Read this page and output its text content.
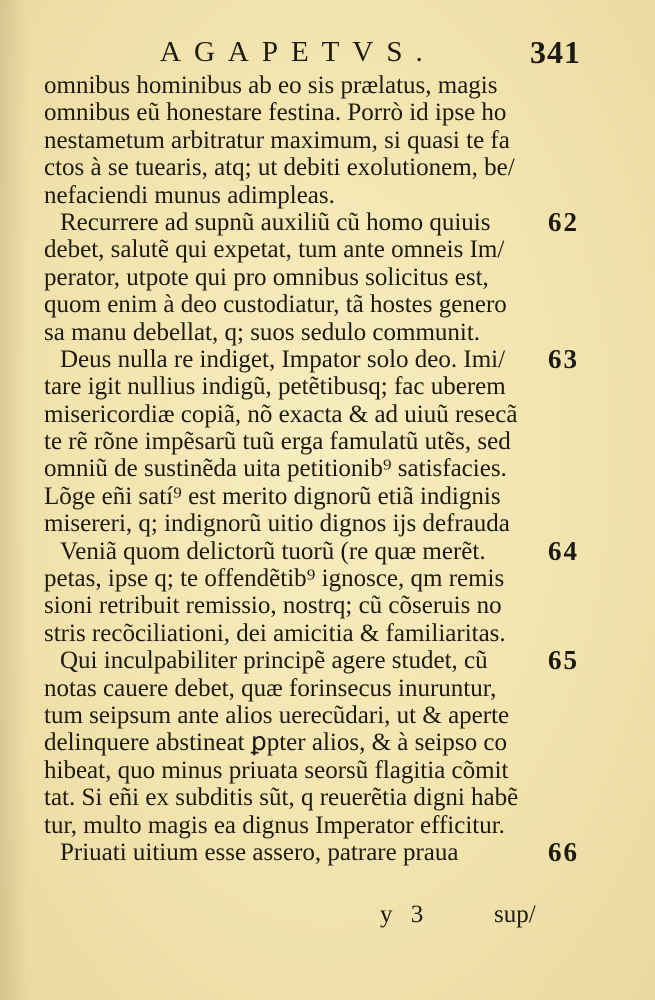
AGAPETVS.	341
omnibus hominibus ab eo sis prælatus, magis
omnibus eũ honestare festina. Porrò id ipse ho
nestametum arbitratur maximum, si quasi te fa
ctos à se tuearis, atq; ut debiti exolutionem, be/
nefaciendi munus adimpleas.
Recurrere ad supnũ auxiliũ cũ homo quiuis 62
debet, salutẽ qui expetat, tum ante omneis Im/
perator, utpote qui pro omnibus solicitus est,
quom enim à deo custodiatur, tã hostes genero
sa manu debellat, q; suos sedulo communit.
Deus nulla re indiget, Impator solo deo. Imi/ 63
tare igit nullius indigũ, petẽtibusq; fac uberem
misericordiæ copiã, nõ exacta & ad uiuũ resecã
te rẽ rõne impẽsarũ tuũ erga famulatũ utẽs, sed
omniũ de sustinẽda uita petitionib⁹ satisfacies.
Lõge eñi satí⁹ est merito dignorũ etiã indignis
misereri, q; indignorũ uitio dignos ijs defrauda
Veniã quom delictorũ tuorũ (re quæ merẽt. 64
petas, ipse q; te offendẽtib⁹ ignosce, qm remis
sioni retribuit remissio, nostrq; cũ cõseruis no
stris recõciliationi, dei amicitia & familiaritas.
Qui inculpabiliter principẽ agere studet, cũ 65
notas cauere debet, quæ forinsecus inuruntur,
tum seipsum ante alios uerecũdari, ut & aperte
delinquere abstineat ꝑpter alios, & à seipso co
hibeat, quo minus priuata seorsũ flagitia cõmit
tat. Si eñi ex subditis sũt, q reuerẽtia digni habẽ
tur, multo magis ea dignus Imperator efficitur.
Priuati uitium esse assero, patrare praua	66
y 3	sup/
